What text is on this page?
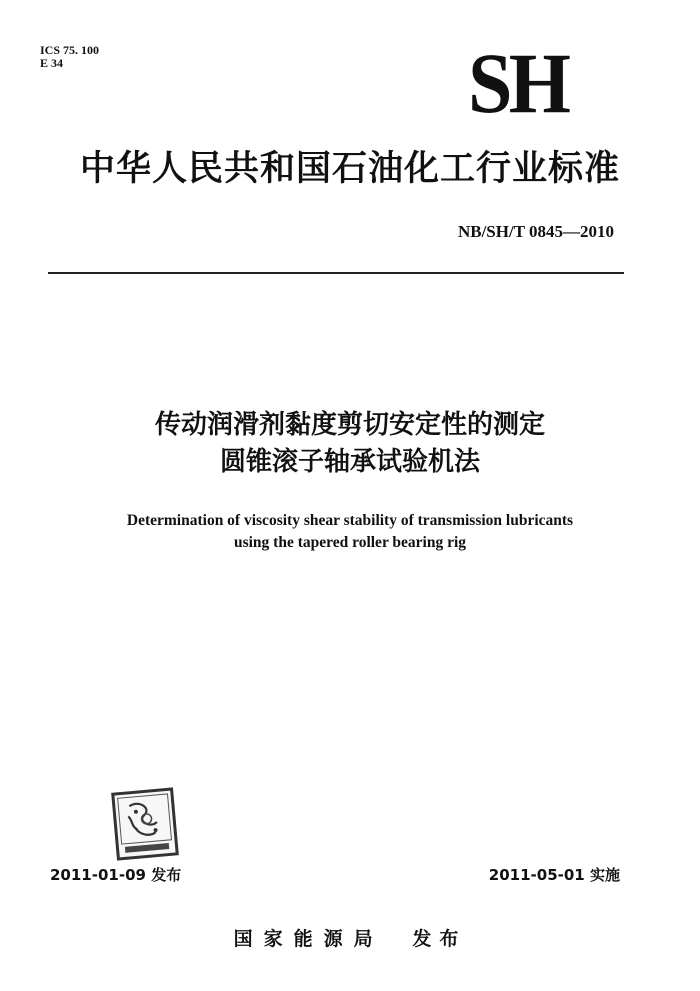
ICS 75. 100
E 34	SH
中华人民共和国石油化工行业标准
NB/SH/T 0845—2010
传动润滑剂黏度剪切安定性的测定
圆锥滚子轴承试验机法
Determination of viscosity shear stability of transmission lubricants
using the tapered roller bearing rig
2011-01-09 发布	2011-05-01 实施
国家能源局 发布
